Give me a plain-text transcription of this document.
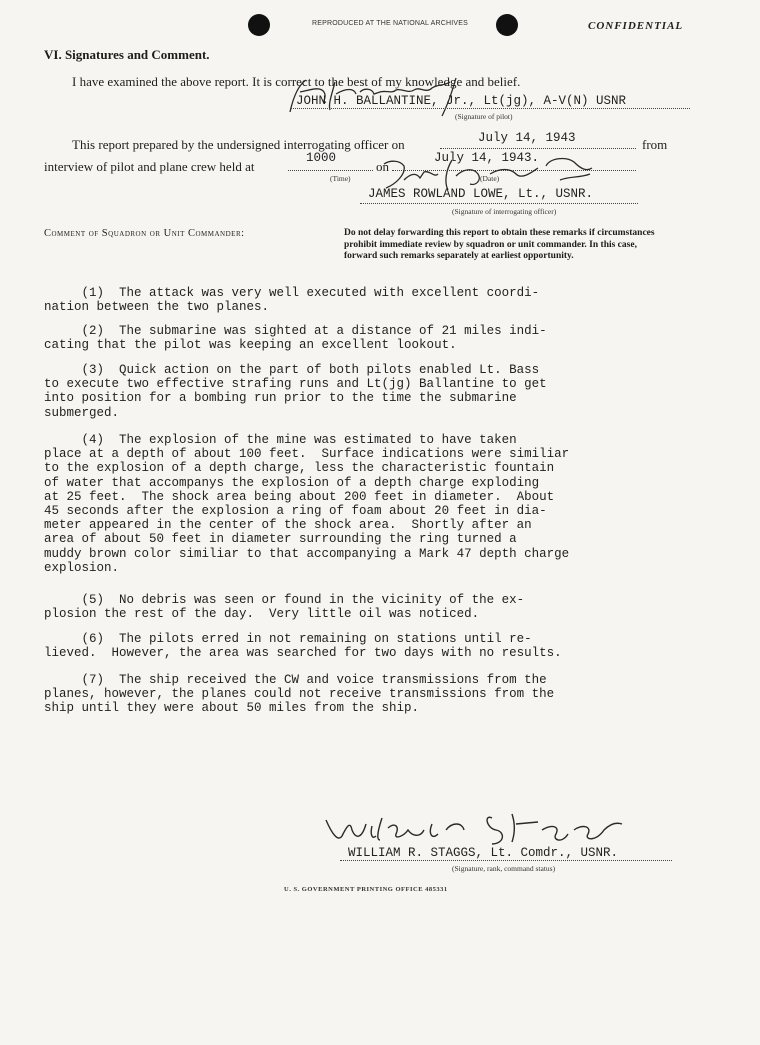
REPRODUCED AT THE NATIONAL ARCHIVES	CONFIDENTIAL
VI. Signatures and Comment.
I have examined the above report. It is correct to the best of my knowledge and belief.
JOHN H. BALLANTINE, Jr., Lt(jg), A-V(N) USNR
(Signature of pilot)
This report prepared by the undersigned interrogating officer on	July 14, 1943	from
interview of pilot and plane crew held at
1000
on
July 14, 1943.
(Time)	(Date)
JAMES ROWLAND LOWE, Lt., USNR.
(Signature of interrogating officer)
Comment of Squadron or Unit Commander:	Do not delay forwarding this report to obtain these remarks if circumstances prohibit immediate review by squadron or unit commander. In this case, forward such remarks separately at earliest opportunity.
(1)  The attack was very well executed with excellent coordi-
nation between the two planes.
(2)  The submarine was sighted at a distance of 21 miles indi-
cating that the pilot was keeping an excellent lookout.
(3)  Quick action on the part of both pilots enabled Lt. Bass
to execute two effective strafing runs and Lt(jg) Ballantine to get
into position for a bombing run prior to the time the submarine
submerged.
(4)  The explosion of the mine was estimated to have taken
place at a depth of about 100 feet.  Surface indications were similiar
to the explosion of a depth charge, less the characteristic fountain
of water that accompanys the explosion of a depth charge exploding
at 25 feet.  The shock area being about 200 feet in diameter.  About
45 seconds after the explosion a ring of foam about 20 feet in dia-
meter appeared in the center of the shock area.  Shortly after an
area of about 50 feet in diameter surrounding the ring turned a
muddy brown color similiar to that accompanying a Mark 47 depth charge
explosion.
(5)  No debris was seen or found in the vicinity of the ex-
plosion the rest of the day.  Very little oil was noticed.
(6)  The pilots erred in not remaining on stations until re-
lieved.  However, the area was searched for two days with no results.
(7)  The ship received the CW and voice transmissions from the
planes, however, the planes could not receive transmissions from the
ship until they were about 50 miles from the ship.
WILLIAM R. STAGGS, Lt. Comdr., USNR.
(Signature, rank, command status)
U. S. GOVERNMENT PRINTING OFFICE 485331
